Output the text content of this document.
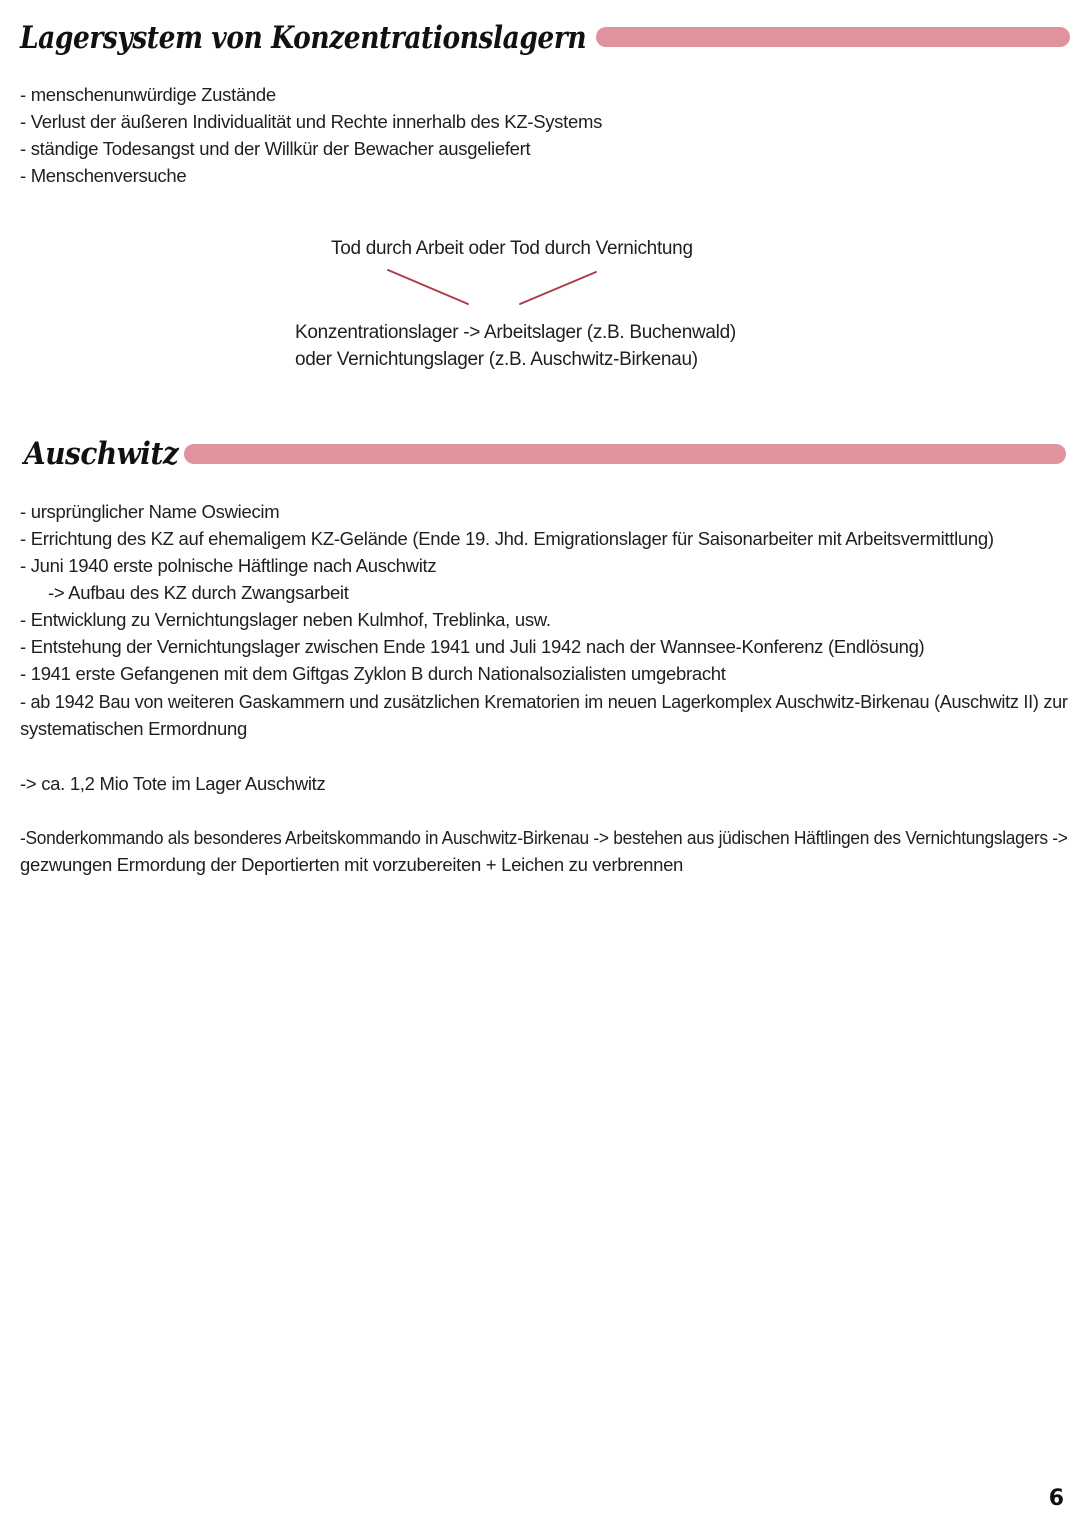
Lagersystem von Konzentrationslagern
- menschenunwürdige Zustände
- Verlust der äußeren Individualität und Rechte innerhalb des KZ-Systems
- ständige Todesangst und der Willkür der Bewacher ausgeliefert
- Menschenversuche
Tod durch Arbeit oder Tod durch Vernichtung
Konzentrationslager -> Arbeitslager (z.B. Buchenwald)
oder Vernichtungslager (z.B. Auschwitz-Birkenau)
Auschwitz
- ursprünglicher Name Oswiecim
- Errichtung des KZ auf ehemaligem KZ-Gelände (Ende 19. Jhd. Emigrationslager für Saisonarbeiter mit Arbeitsvermittlung)
- Juni 1940 erste polnische Häftlinge nach Auschwitz
-> Aufbau des KZ durch Zwangsarbeit
- Entwicklung zu Vernichtungslager neben Kulmhof, Treblinka, usw.
- Entstehung der Vernichtungslager zwischen Ende 1941 und Juli 1942 nach der Wannsee-Konferenz (Endlösung)
- 1941 erste Gefangenen mit dem Giftgas Zyklon B durch Nationalsozialisten umgebracht
- ab 1942 Bau von weiteren Gaskammern und zusätzlichen Krematorien im neuen Lagerkomplex Auschwitz-Birkenau (Auschwitz II) zur
systematischen Ermordnung
-> ca. 1,2 Mio Tote im Lager Auschwitz
-Sonderkommando als besonderes Arbeitskommando in Auschwitz-Birkenau -> bestehen aus jüdischen Häftlingen des Vernichtungslagers ->
gezwungen Ermordung der Deportierten mit vorzubereiten + Leichen zu verbrennen
6
